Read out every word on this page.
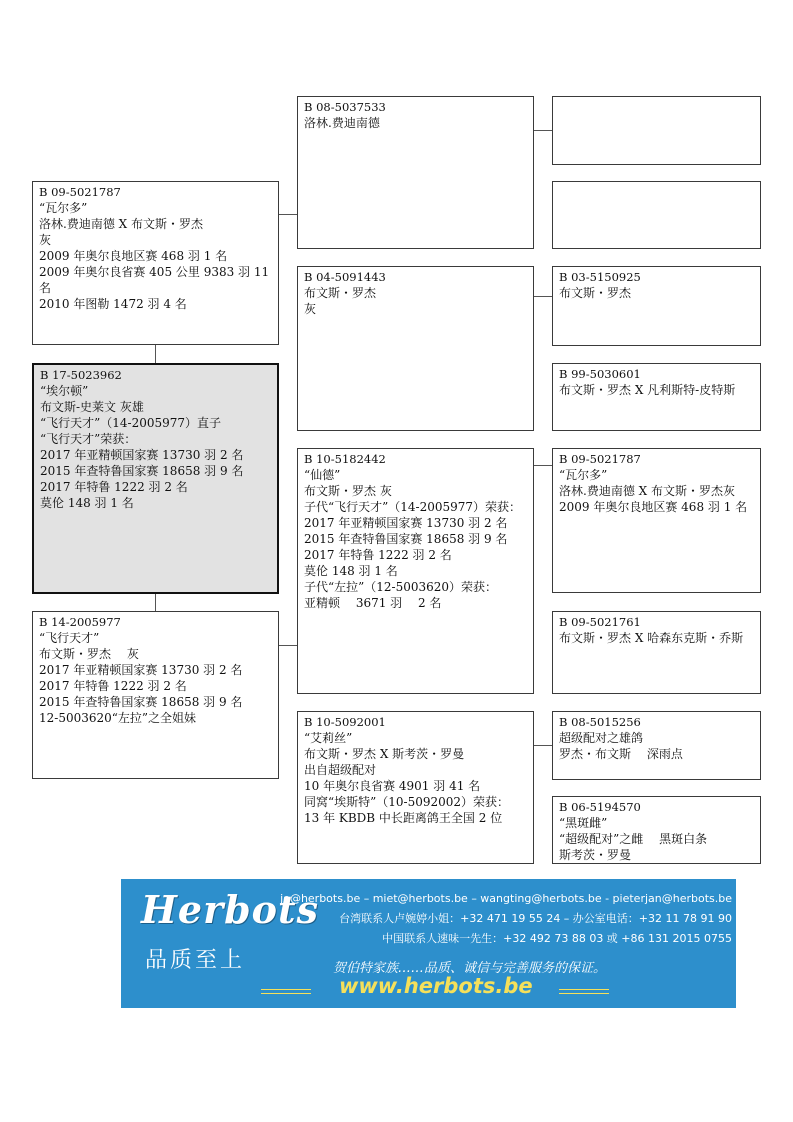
B 09-5021787
“瓦尔多”
洛林.费迪南德 X 布文斯・罗杰
灰
2009 年奥尔良地区赛 468 羽 1 名
2009 年奥尔良省赛 405 公里 9383 羽 11 名
2010 年图勒 1472 羽 4 名
B 17-5023962
“埃尔顿”
布文斯-史莱文 灰雄
“飞行天才”（14-2005977）直子
“飞行天才”荣获：
2017 年亚精顿国家赛 13730 羽 2 名
2015 年查特鲁国家赛 18658 羽 9 名
2017 年特鲁 1222 羽 2 名
莫伦 148 羽 1 名
B 14-2005977
“飞行天才”
布文斯・罗杰 　灰
2017 年亚精顿国家赛 13730 羽 2 名
2017 年特鲁 1222 羽 2 名
2015 年查特鲁国家赛 18658 羽 9 名
12-5003620“左拉”之全姐妹
B 08-5037533
洛林.费迪南德
B 04-5091443
布文斯・罗杰
灰
B 10-5182442
“仙德”
布文斯・罗杰 灰
子代“飞行天才”（14-2005977）荣获：
2017 年亚精顿国家赛 13730 羽 2 名
2015 年查特鲁国家赛 18658 羽 9 名
2017 年特鲁 1222 羽 2 名
莫伦 148 羽 1 名
子代“左拉”（12-5003620）荣获：
亚精顿 　3671 羽 　2 名
B 10-5092001
“艾莉丝”
布文斯・罗杰 X 斯考茨・罗曼
出自超级配对
10 年奥尔良省赛 4901 羽 41 名
同窝“埃斯特”（10-5092002）荣获：
13 年 KBDB 中长距离鸽王全国 2 位
B 03-5150925
布文斯・罗杰
B 99-5030601
布文斯・罗杰 X 凡利斯特-皮特斯
B 09-5021787
“瓦尔多”
洛林.费迪南德 X 布文斯・罗杰灰
2009 年奥尔良地区赛 468 羽 1 名
B 09-5021761
布文斯・罗杰 X 哈森东克斯・乔斯
B 08-5015256
超级配对之雄鸽
罗杰・布文斯 　深雨点
B 06-5194570
“黑斑雌”
“超级配对”之雌 　黑斑白条
斯考茨・罗曼
Herbots
品质至上
jo@herbots.be – miet@herbots.be – wangting@herbots.be - pieterjan@herbots.be
台湾联系人卢婉婷小姐：+32 471 19 55 24 – 办公室电话：+32 11 78 91 90
中国联系人速味一先生：+32 492 73 88 03 或 +86 131 2015 0755
贺伯特家族……品质、诚信与完善服务的保证。
www.herbots.be
